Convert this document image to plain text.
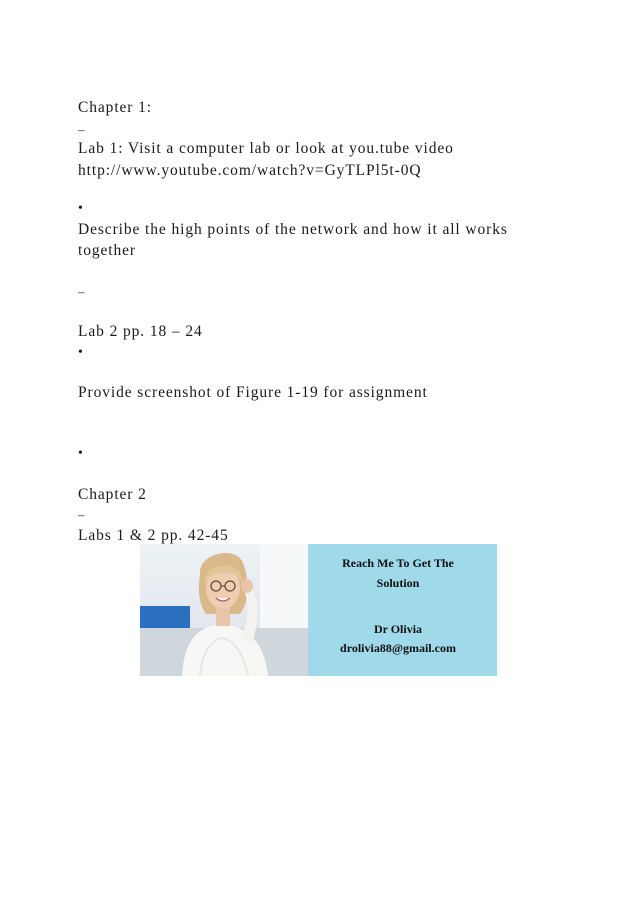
Chapter 1:
–
Lab 1: Visit a computer lab or look at you.tube video
http://www.youtube.com/watch?v=GyTLPl5t-0Q
•
Describe the high points of the network and how it all works
together
–
Lab 2 pp. 18 – 24
•
Provide screenshot of Figure 1-19 for assignment
•
Chapter 2
–
Labs 1 & 2 pp. 42-45
Reach Me To Get The
Solution
Dr Olivia
drolivia88@gmail.com
